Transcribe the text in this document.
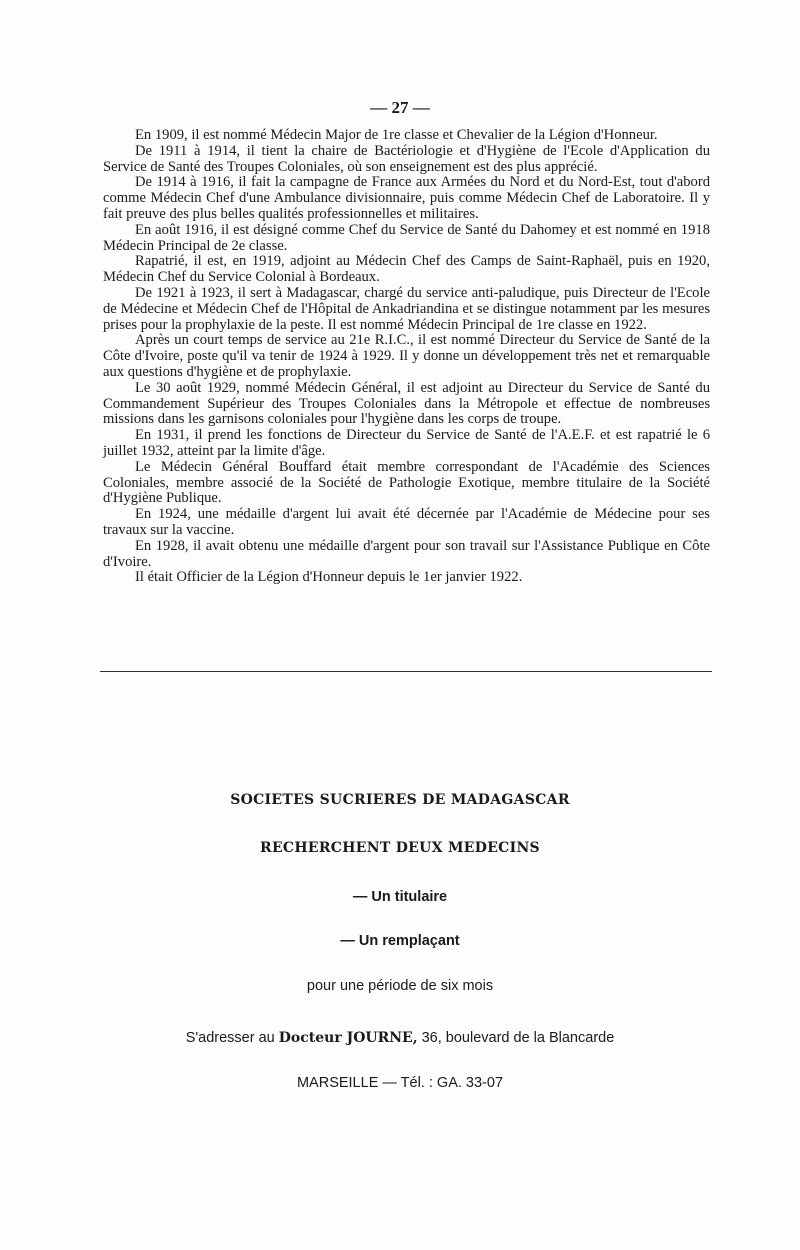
— 27 —

En 1909, il est nommé Médecin Major de 1re classe et Chevalier de la Légion d'Honneur.

De 1911 à 1914, il tient la chaire de Bactériologie et d'Hygiène de l'Ecole d'Application du Service de Santé des Troupes Coloniales, où son enseignement est des plus apprécié.

De 1914 à 1916, il fait la campagne de France aux Armées du Nord et du Nord-Est, tout d'abord comme Médecin Chef d'une Ambulance divisionnaire, puis comme Médecin Chef de Laboratoire. Il y fait preuve des plus belles qualités professionnelles et militaires.

En août 1916, il est désigné comme Chef du Service de Santé du Dahomey et est nommé en 1918 Médecin Principal de 2e classe.

Rapatrié, il est, en 1919, adjoint au Médecin Chef des Camps de Saint-Raphaël, puis en 1920, Médecin Chef du Service Colonial à Bordeaux.

De 1921 à 1923, il sert à Madagascar, chargé du service anti-paludique, puis Directeur de l'Ecole de Médecine et Médecin Chef de l'Hôpital de Ankadriandina et se distingue notamment par les mesures prises pour la prophylaxie de la peste. Il est nommé Médecin Principal de 1re classe en 1922.

Après un court temps de service au 21e R.I.C., il est nommé Directeur du Service de Santé de la Côte d'Ivoire, poste qu'il va tenir de 1924 à 1929. Il y donne un développement très net et remarquable aux questions d'hygiène et de prophylaxie.

Le 30 août 1929, nommé Médecin Général, il est adjoint au Directeur du Service de Santé du Commandement Supérieur des Troupes Coloniales dans la Métropole et effectue de nombreuses missions dans les garnisons coloniales pour l'hygiène dans les corps de troupe.

En 1931, il prend les fonctions de Directeur du Service de Santé de l'A.E.F. et est rapatrié le 6 juillet 1932, atteint par la limite d'âge.

Le Médecin Général Bouffard était membre correspondant de l'Académie des Sciences Coloniales, membre associé de la Société de Pathologie Exotique, membre titulaire de la Société d'Hygiène Publique.

En 1924, une médaille d'argent lui avait été décernée par l'Académie de Médecine pour ses travaux sur la vaccine.

En 1928, il avait obtenu une médaille d'argent pour son travail sur l'Assistance Publique en Côte d'Ivoire.

Il était Officier de la Légion d'Honneur depuis le 1er janvier 1922.

SOCIETES SUCRIERES DE MADAGASCAR
RECHERCHENT DEUX MEDECINS
— Un titulaire
— Un remplaçant
pour une période de six mois
S'adresser au Docteur JOURNE, 36, boulevard de la Blancarde
MARSEILLE — Tél. : GA. 33-07
